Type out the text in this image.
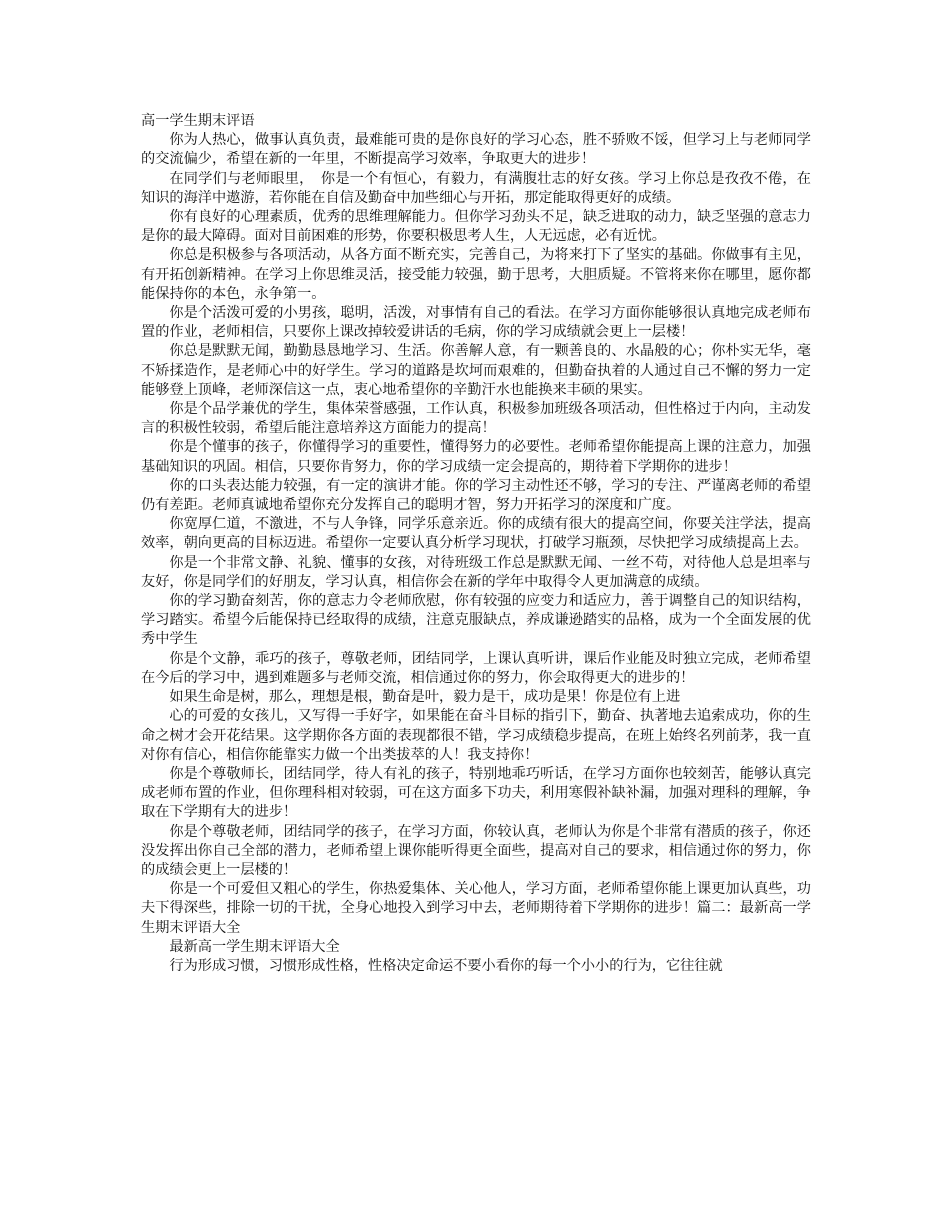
高一学生期末评语

你为人热心，做事认真负责，最难能可贵的是你良好的学习心态，胜不骄败不馁，但学习上与老师同学的交流偏少，希望在新的一年里，不断提高学习效率，争取更大的进步！

在同学们与老师眼里，　你是一个有恒心，有毅力，有满腹壮志的好女孩。学习上你总是孜孜不倦，在知识的海洋中遨游，若你能在自信及勤奋中加些细心与开拓，那定能取得更好的成绩。

你有良好的心理素质，优秀的思维理解能力。但你学习劲头不足，缺乏进取的动力，缺乏坚强的意志力是你的最大障碍。面对目前困难的形势，你要积极思考人生，人无远虑，必有近忧。

你总是积极参与各项活动，从各方面不断充实，完善自己，为将来打下了坚实的基础。你做事有主见，有开拓创新精神。在学习上你思维灵活，接受能力较强，勤于思考，大胆质疑。不管将来你在哪里，愿你都能保持你的本色，永争第一。

你是个活泼可爱的小男孩，聪明，活泼，对事情有自己的看法。在学习方面你能够很认真地完成老师布置的作业，老师相信，只要你上课改掉较爱讲话的毛病，你的学习成绩就会更上一层楼！

你总是默默无闻，勤勤恳恳地学习、生活。你善解人意，有一颗善良的、水晶般的心；你朴实无华，毫不矫揉造作，是老师心中的好学生。学习的道路是坎坷而艰难的，但勤奋执着的人通过自己不懈的努力一定能够登上顶峰，老师深信这一点，衷心地希望你的辛勤汗水也能换来丰硕的果实。

你是个品学兼优的学生，集体荣誉感强，工作认真，积极参加班级各项活动，但性格过于内向，主动发言的积极性较弱，希望后能注意培养这方面能力的提高！

你是个懂事的孩子，你懂得学习的重要性，懂得努力的必要性。老师希望你能提高上课的注意力，加强基础知识的巩固。相信，只要你肯努力，你的学习成绩一定会提高的，期待着下学期你的进步！

你的口头表达能力较强，有一定的演讲才能。你的学习主动性还不够，学习的专注、严谨离老师的希望仍有差距。老师真诚地希望你充分发挥自己的聪明才智，努力开拓学习的深度和广度。

你宽厚仁道，不激进，不与人争锋，同学乐意亲近。你的成绩有很大的提高空间，你要关注学法，提高效率，朝向更高的目标迈进。希望你一定要认真分析学习现状，打破学习瓶颈，尽快把学习成绩提高上去。

你是一个非常文静、礼貌、懂事的女孩，对待班级工作总是默默无闻、一丝不苟，对待他人总是坦率与友好，你是同学们的好朋友，学习认真，相信你会在新的学年中取得令人更加满意的成绩。

你的学习勤奋刻苦，你的意志力令老师欣慰，你有较强的应变力和适应力，善于调整自己的知识结构，学习踏实。希望今后能保持已经取得的成绩，注意克服缺点，养成谦逊踏实的品格，成为一个全面发展的优秀中学生

你是个文静，乖巧的孩子，尊敬老师，团结同学，上课认真听讲，课后作业能及时独立完成，老师希望在今后的学习中，遇到难题多与老师交流，相信通过你的努力，你会取得更大的进步的！

如果生命是树，那么，理想是根，勤奋是叶，毅力是干，成功是果！你是位有上进

心的可爱的女孩儿，又写得一手好字，如果能在奋斗目标的指引下，勤奋、执著地去追索成功，你的生命之树才会开花结果。这学期你各方面的表现都很不错，学习成绩稳步提高，在班上始终名列前茅，我一直对你有信心，相信你能靠实力做一个出类拔萃的人！我支持你！

你是个尊敬师长，团结同学，待人有礼的孩子，特别地乖巧听话，在学习方面你也较刻苦，能够认真完成老师布置的作业，但你理科相对较弱，可在这方面多下功夫，利用寒假补缺补漏，加强对理科的理解，争取在下学期有大的进步！

你是个尊敬老师，团结同学的孩子，在学习方面，你较认真，老师认为你是个非常有潜质的孩子，你还没发挥出你自己全部的潜力，老师希望上课你能听得更全面些，提高对自己的要求，相信通过你的努力，你的成绩会更上一层楼的！

你是一个可爱但又粗心的学生，你热爱集体、关心他人，学习方面，老师希望你能上课更加认真些，功夫下得深些，排除一切的干扰，全身心地投入到学习中去，老师期待着下学期你的进步！篇二：最新高一学生期末评语大全

最新高一学生期末评语大全

行为形成习惯，习惯形成性格，性格决定命运不要小看你的每一个小小的行为，它往往就
